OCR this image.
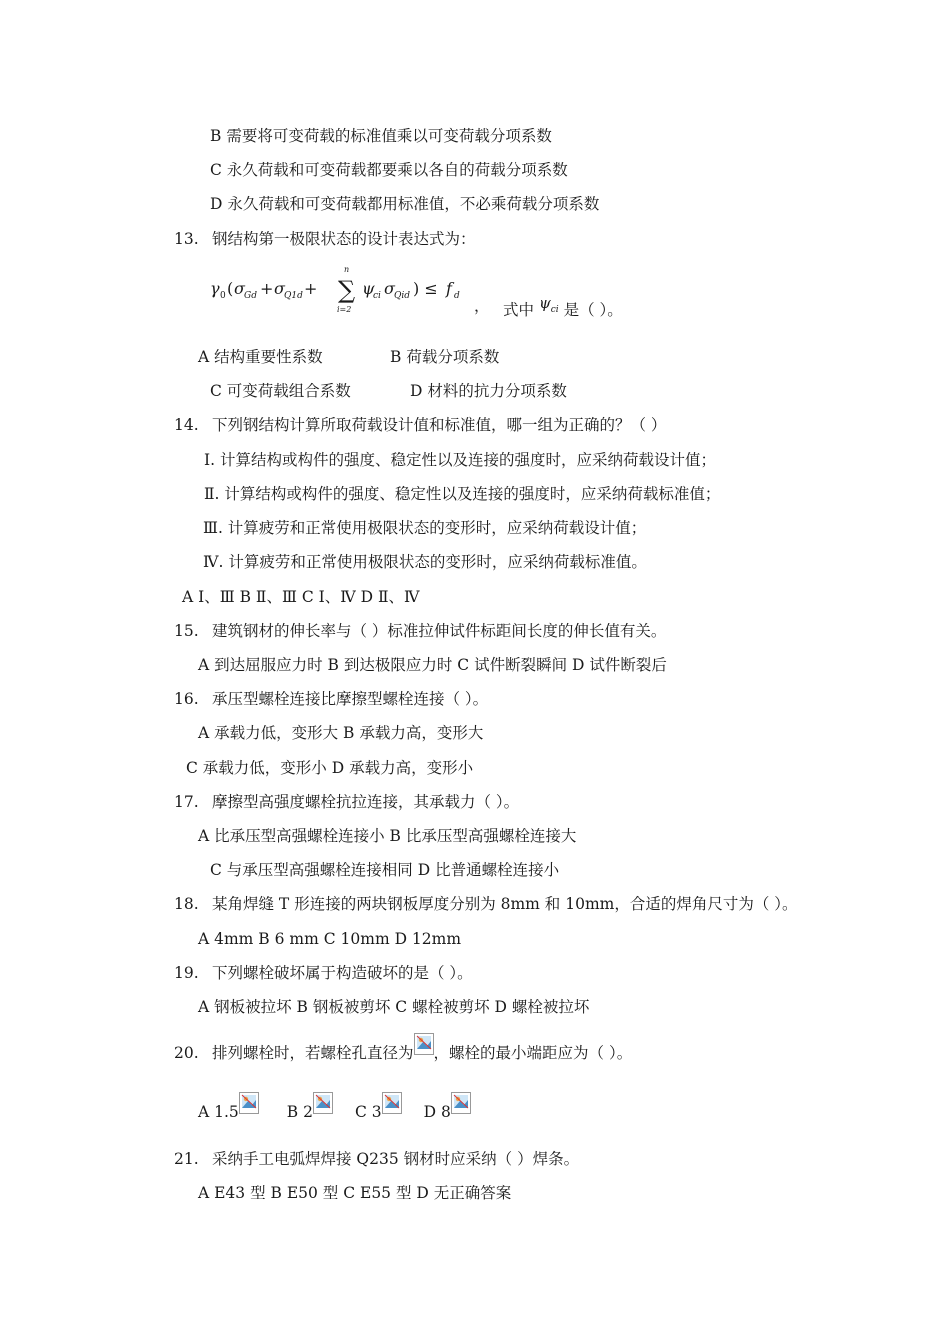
B 需要将可变荷载的标准值乘以可变荷载分项系数
C 永久荷载和可变荷载都要乘以各自的荷载分项系数
D 永久荷载和可变荷载都用标准值，不必乘荷载分项系数
13. 钢结构第一极限状态的设计表达式为：
γ 0 ( σ Gd + σ Q1d +
n
∑
i=2
ψ
ci σ Qid ) ≤ f d
， 式中 $\psi_{ci}$ 是（ ）。
A 结构重要性系数	B 荷载分项系数
C 可变荷载组合系数	D 材料的抗力分项系数
14. 下列钢结构计算所取荷载设计值和标准值，哪一组为正确的？（ ）
Ⅰ. 计算结构或构件的强度、稳定性以及连接的强度时，应采纳荷载设计值；
Ⅱ. 计算结构或构件的强度、稳定性以及连接的强度时，应采纳荷载标准值；
Ⅲ. 计算疲劳和正常使用极限状态的变形时，应采纳荷载设计值；
Ⅳ. 计算疲劳和正常使用极限状态的变形时，应采纳荷载标准值。
A Ⅰ、Ⅲ B Ⅱ、Ⅲ C Ⅰ、Ⅳ D Ⅱ、Ⅳ
15. 建筑钢材的伸长率与（ ）标准拉伸试件标距间长度的伸长值有关。
A 到达屈服应力时 B 到达极限应力时 C 试件断裂瞬间 D 试件断裂后
16. 承压型螺栓连接比摩擦型螺栓连接（ ）。
A 承载力低，变形大 B 承载力高，变形大
C 承载力低，变形小 D 承载力高，变形小
17. 摩擦型高强度螺栓抗拉连接，其承载力（ ）。
A 比承压型高强螺栓连接小 B 比承压型高强螺栓连接大
C 与承压型高强螺栓连接相同 D 比普通螺栓连接小
18. 某角焊缝 T 形连接的两块钢板厚度分别为 8mm 和 10mm，合适的焊角尺寸为（ ）。
A 4mm B 6 mm C 10mm D 12mm
19. 下列螺栓破坏属于构造破坏的是（ ）。
A 钢板被拉坏 B 钢板被剪坏 C 螺栓被剪坏 D 螺栓被拉坏
20. 排列螺栓时，若螺栓孔直径为 ，螺栓的最小端距应为（ ）。
A 1.5	B 2	C 3	D 8
21. 采纳手工电弧焊焊接 Q235 钢材时应采纳（ ）焊条。
A E43 型 B E50 型 C E55 型 D 无正确答案
